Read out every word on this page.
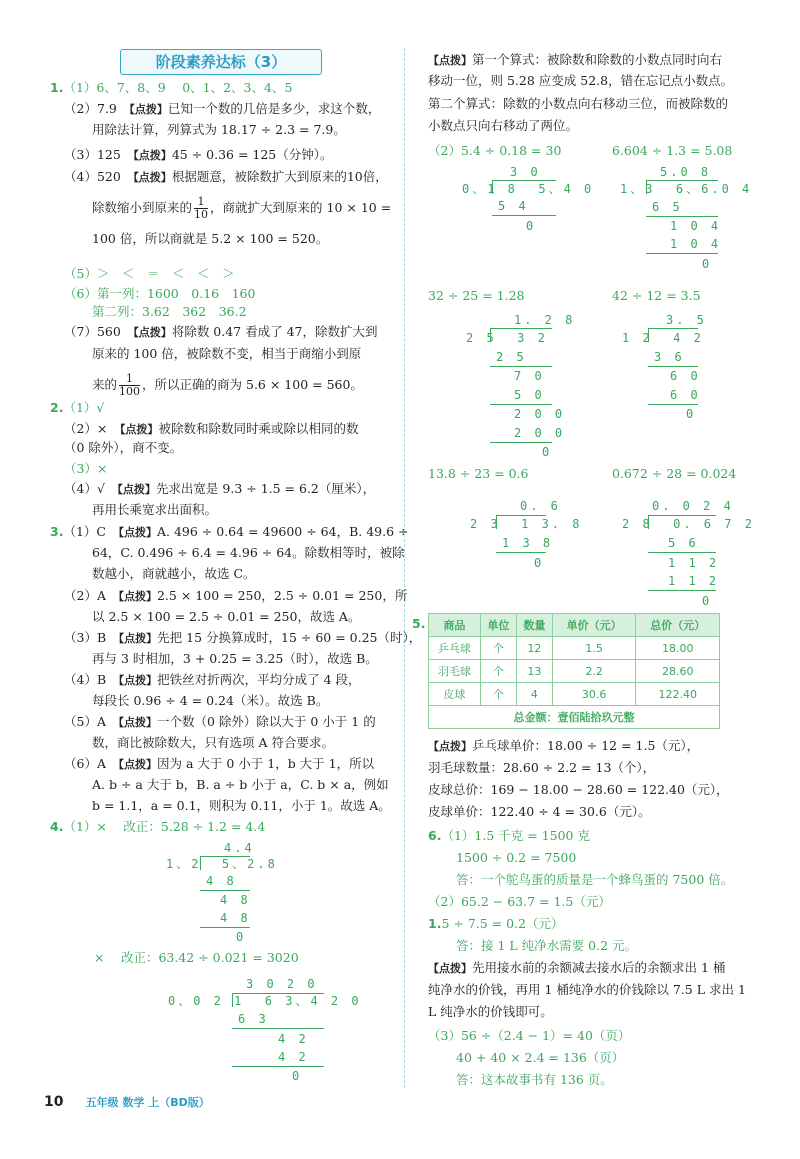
阶段素养达标（3）
1.（1）6、7、8、9　 0、1、2、3、4、5
（2）7.9　【点拨】已知一个数的几倍是多少，求这个数，
用除法计算，列算式为 18.17 ÷ 2.3 = 7.9。
（3）125　【点拨】45 ÷ 0.36 = 125（分钟）。
（4）520　【点拨】根据题意，被除数扩大到原来的10倍，
除数缩小到原来的 $\frac{1}{10}$ ，商就扩大到原来的 10 × 10 =
100 倍，所以商就是 5.2 × 100 = 520。
（5）＞　＜　＝　＜　＜　＞
（6）第一列：1600　0.16　160
第二列：3.62　362　36.2
（7）560　【点拨】将除数 0.47 看成了 47，除数扩大到
原来的 100 倍，被除数不变，相当于商缩小到原
来的 $\frac{1}{100}$ ，所以正确的商为 5.6 × 100 = 560。
2.（1）√
（2）×　【点拨】被除数和除数同时乘或除以相同的数
（0 除外），商不变。
（3）×
（4）√　【点拨】先求出宽是 9.3 ÷ 1.5 = 6.2（厘米），
再用长乘宽求出面积。
3.（1）C　【点拨】A. 496 ÷ 0.64 = 49600 ÷ 64，B. 49.6 ÷
64，C. 0.496 ÷ 6.4 = 4.96 ÷ 64。除数相等时，被除
数越小，商就越小，故选 C。
（2）A　【点拨】2.5 × 100 = 250，2.5 ÷ 0.01 = 250，所
以 2.5 × 100 = 2.5 ÷ 0.01 = 250，故选 A。
（3）B　【点拨】先把 15 分换算成时，15 ÷ 60 = 0.25（时），
再与 3 时相加，3 + 0.25 = 3.25（时），故选 B。
（4）B　【点拨】把铁丝对折两次，平均分成了 4 段，
每段长 0.96 ÷ 4 = 0.24（米）。故选 B。
（5）A　【点拨】一个数（0 除外）除以大于 0 小于 1 的
数，商比被除数大，只有选项 A 符合要求。
（6）A　【点拨】因为 a 大于 0 小于 1，b 大于 1，所以
A. b ÷ a 大于 b，B. a ÷ b 小于 a，C. b × a，例如
b = 1.1，a = 0.1，则积为 0.11，小于 1。故选 A。
4.（1）×　 改正：5.28 ÷ 1.2 = 4.4
【点拨】第一个算式：被除数和除数的小数点同时向右
移动一位，则 5.28 应变成 52.8，错在忘记点小数点。
第二个算式：除数的小数点向右移动三位，而被除数的
小数点只向右移动了两位。
【点拨】乒乓球单价：18.00 ÷ 12 = 1.5（元），
羽毛球数量：28.60 ÷ 2.2 = 13（个），
皮球总价：169 − 18.00 − 28.60 = 122.40（元），
皮球单价：122.40 ÷ 4 = 30.6（元）。
6.（1）1.5 千克 = 1500 克
1500 ÷ 0.2 = 7500
答：一个鸵鸟蛋的质量是一个蜂鸟蛋的 7500 倍。
（2）65.2 − 63.7 = 1.5（元）
1.5 ÷ 7.5 = 0.2（元）
答：接 1 L 纯净水需要 0.2 元。
【点拨】先用接水前的余额减去接水后的余额求出 1 桶
纯净水的价钱，再用 1 桶纯净水的价钱除以 7.5 L 求出 1
L 纯净水的价钱即可。
（3）56 ÷（2.4 − 1）= 40（页）
40 + 40 × 2.4 = 136（页）
答：这本故事书有 136 页。
4.4
1、2  5、2.8
4 8
4 8
4 8
0
×　 改正：63.42 ÷ 0.021 = 3020
3 0 2 0
0、0 2 1  6 3、4 2 0
6 3
4 2
4 2
0
（2）5.4 ÷ 0.18 = 30	6.604 ÷ 1.3 = 5.08
3 0
0、1 8  5、4 0
5 4
0
5.0 8
1、3  6、6.0 4
6 5
1 0 4
1 0 4
0
32 ÷ 25 = 1.28	42 ÷ 12 = 3.5
1. 2 8
2 5  3 2
2 5
7 0
5 0
2 0 0
2 0 0
0
3. 5
1 2  4 2
3 6
6 0
6 0
0
13.8 ÷ 23 = 0.6	0.672 ÷ 28 = 0.024
0. 6
2 3  1 3. 8
1 3 8
0
0. 0 2 4
2 8  0. 6 7 2
5 6
1 1 2
1 1 2
0
5. 商品	单位	数量	单价（元）	总价（元）
乒乓球	个	12	1.5	18.00
羽毛球	个	13	2.2	28.60
皮球	个	4	30.6	122.40
总金额：壹佰陆拾玖元整				
10 五年级 数学 上（BD版）
